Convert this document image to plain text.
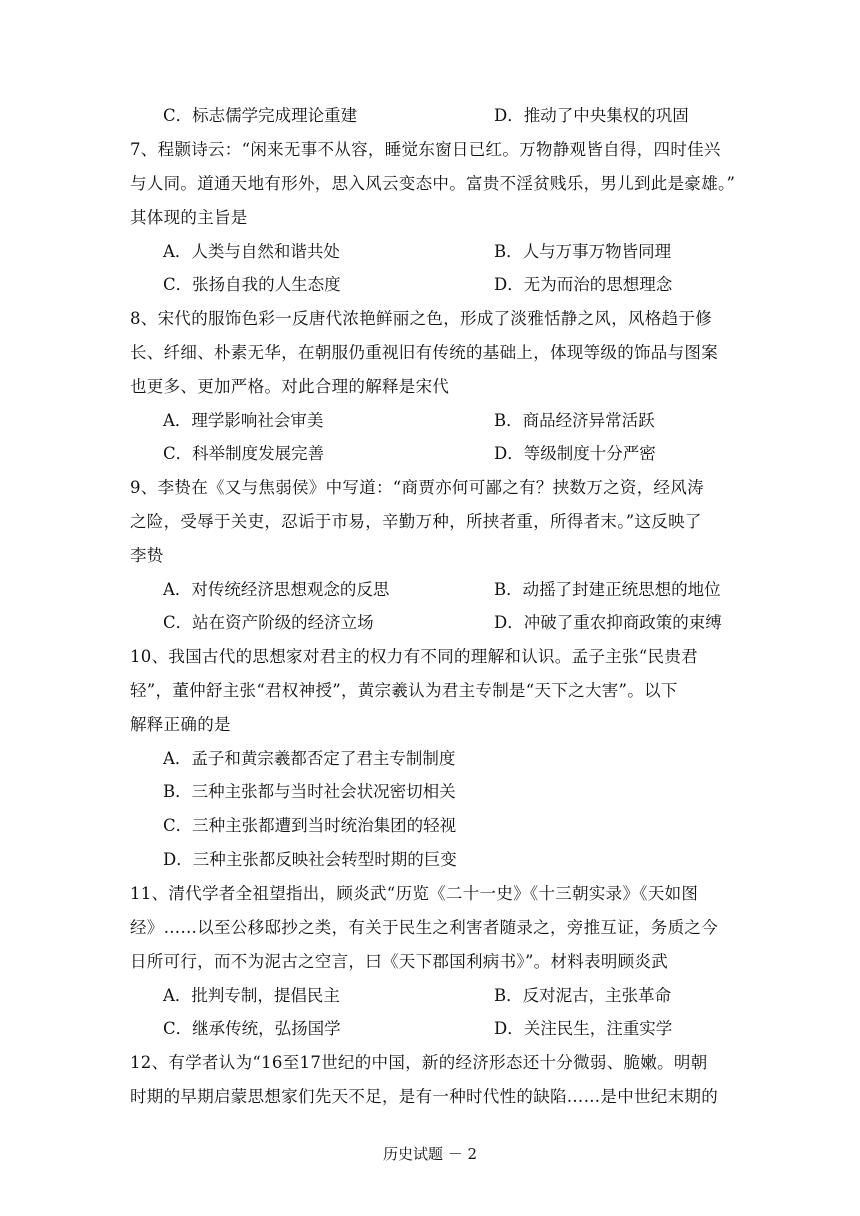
C．标志儒学完成理论重建	D．推动了中央集权的巩固
7、程颢诗云：“闲来无事不从容，睡觉东窗日已红。万物静观皆自得，四时佳兴
与人同。道通天地有形外，思入风云变态中。富贵不淫贫贱乐，男儿到此是豪雄。”
其体现的主旨是
A．人类与自然和谐共处	B．人与万事万物皆同理
C．张扬自我的人生态度	D．无为而治的思想理念
8、宋代的服饰色彩一反唐代浓艳鲜丽之色，形成了淡雅恬静之风，风格趋于修
长、纤细、朴素无华，在朝服仍重视旧有传统的基础上，体现等级的饰品与图案
也更多、更加严格。对此合理的解释是宋代
A．理学影响社会审美	B．商品经济异常活跃
C．科举制度发展完善	D．等级制度十分严密
9、李贽在《又与焦弱侯》中写道：“商贾亦何可鄙之有？挟数万之资，经风涛
之险，受辱于关吏，忍诟于市易，辛勤万种，所挟者重，所得者末。”这反映了
李贽
A．对传统经济思想观念的反思	B．动摇了封建正统思想的地位
C．站在资产阶级的经济立场	D．冲破了重农抑商政策的束缚
10、我国古代的思想家对君主的权力有不同的理解和认识。孟子主张“民贵君
轻”，董仲舒主张“君权神授”，黄宗羲认为君主专制是“天下之大害”。以下
解释正确的是
A．孟子和黄宗羲都否定了君主专制制度
B．三种主张都与当时社会状况密切相关
C．三种主张都遭到当时统治集团的轻视
D．三种主张都反映社会转型时期的巨变
11、清代学者全祖望指出，顾炎武“历览《二十一史》《十三朝实录》《天如图
经》……以至公移邸抄之类，有关于民生之利害者随录之，旁推互证，务质之今
日所可行，而不为泥古之空言，曰《天下郡国利病书》”。材料表明顾炎武
A．批判专制，提倡民主	B．反对泥古，主张革命
C．继承传统，弘扬国学	D．关注民生，注重实学
12、有学者认为“16至17世纪的中国，新的经济形态还十分微弱、脆嫩。明朝
时期的早期启蒙思想家们先天不足，是有一种时代性的缺陷……是中世纪末期的
历史试题 － 2
